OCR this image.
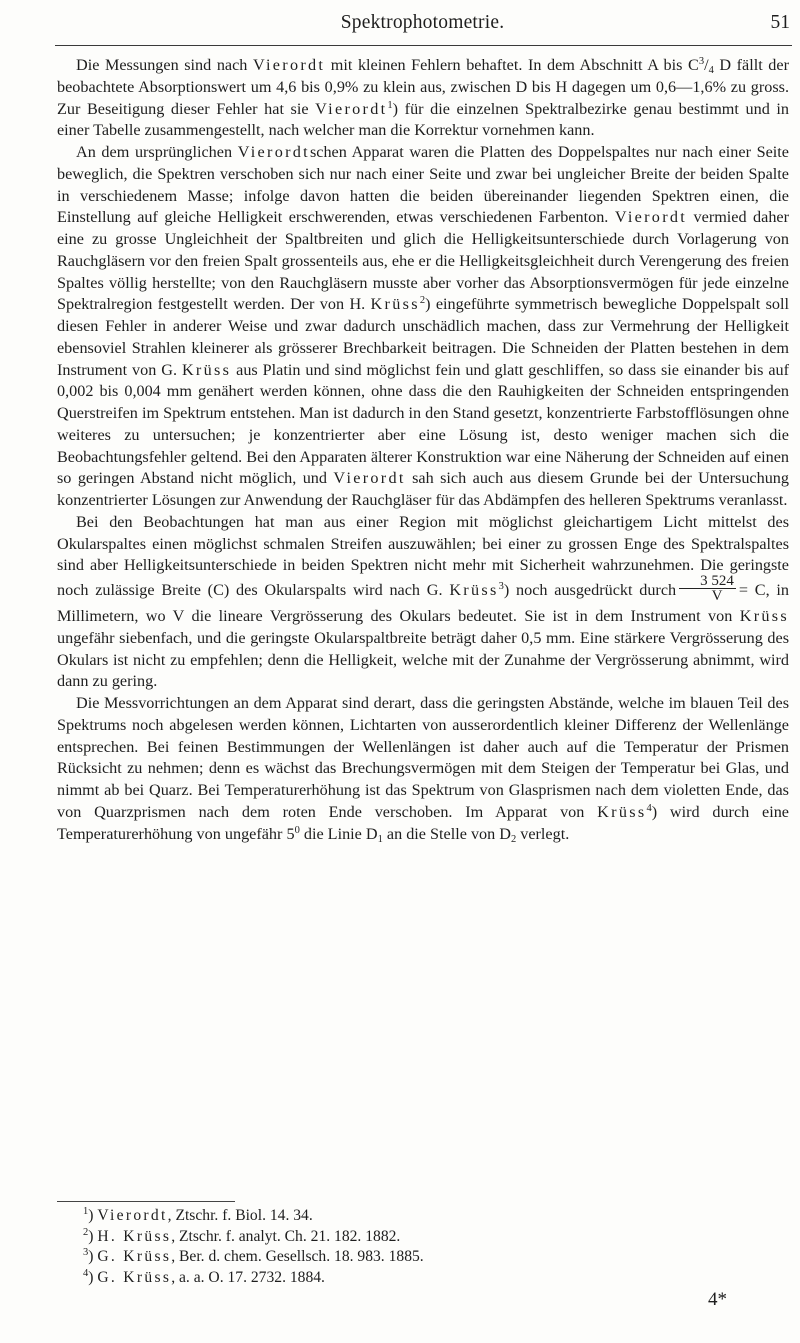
Spektrophotometrie.	51

Die Messungen sind nach Vierordt mit kleinen Fehlern behaftet. In dem Abschnitt A bis $C^3/_4$ D fällt der beobachtete Absorptionswert um 4,6 bis 0,9% zu klein aus, zwischen D bis H dagegen um 0,6—1,6% zu gross. Zur Beseitigung dieser Fehler hat sie Vierordt$^1$) für die einzelnen Spektralbezirke genau bestimmt und in einer Tabelle zusammengestellt, nach welcher man die Korrektur vornehmen kann.

An dem ursprünglichen Vierordtschen Apparat waren die Platten des Doppelspaltes nur nach einer Seite beweglich, die Spektren verschoben sich nur nach einer Seite und zwar bei ungleicher Breite der beiden Spalte in verschiedenem Masse; infolge davon hatten die beiden übereinander liegenden Spektren einen, die Einstellung auf gleiche Helligkeit erschwerenden, etwas verschiedenen Farbenton. Vierordt vermied daher eine zu grosse Ungleichheit der Spaltbreiten und glich die Helligkeitsunterschiede durch Vorlagerung von Rauchgläsern vor den freien Spalt grossenteils aus, ehe er die Helligkeitsgleichheit durch Verengerung des freien Spaltes völlig herstellte; von den Rauchgläsern musste aber vorher das Absorptionsvermögen für jede einzelne Spektralregion festgestellt werden. Der von H. Krüss$^2$) eingeführte symmetrisch bewegliche Doppelspalt soll diesen Fehler in anderer Weise und zwar dadurch unschädlich machen, dass zur Vermehrung der Helligkeit ebensoviel Strahlen kleinerer als grösserer Brechbarkeit beitragen. Die Schneiden der Platten bestehen in dem Instrument von G. Krüss aus Platin und sind möglichst fein und glatt geschliffen, so dass sie einander bis auf 0,002 bis 0,004 mm genähert werden können, ohne dass die den Rauhigkeiten der Schneiden entspringenden Querstreifen im Spektrum entstehen. Man ist dadurch in den Stand gesetzt, konzentrierte Farbstofflösungen ohne weiteres zu untersuchen; je konzentrierter aber eine Lösung ist, desto weniger machen sich die Beobachtungsfehler geltend. Bei den Apparaten älterer Konstruktion war eine Näherung der Schneiden auf einen so geringen Abstand nicht möglich, und Vierordt sah sich auch aus diesem Grunde bei der Untersuchung konzentrierter Lösungen zur Anwendung der Rauchgläser für das Abdämpfen des helleren Spektrums veranlasst.

Bei den Beobachtungen hat man aus einer Region mit möglichst gleichartigem Licht mittelst des Okularspaltes einen möglichst schmalen Streifen auszuwählen; bei einer zu grossen Enge des Spektralspaltes sind aber Helligkeitsunterschiede in beiden Spektren nicht mehr mit Sicherheit wahrzunehmen. Die geringste noch zulässige Breite (C) des Okularspalts wird nach G. Krüss$^3$) noch ausgedrückt durch $\frac{3 524}{V} = C$, in Millimetern, wo V die lineare Vergrösserung des Okulars bedeutet. Sie ist in dem Instrument von Krüss ungefähr siebenfach, und die geringste Okularspaltbreite beträgt daher 0,5 mm. Eine stärkere Vergrösserung des Okulars ist nicht zu empfehlen; denn die Helligkeit, welche mit der Zunahme der Vergrösserung abnimmt, wird dann zu gering.

Die Messvorrichtungen an dem Apparat sind derart, dass die geringsten Abstände, welche im blauen Teil des Spektrums noch abgelesen werden können, Lichtarten von ausserordentlich kleiner Differenz der Wellenlänge entsprechen. Bei feinen Bestimmungen der Wellenlängen ist daher auch auf die Temperatur der Prismen Rücksicht zu nehmen; denn es wächst das Brechungsvermögen mit dem Steigen der Temperatur bei Glas, und nimmt ab bei Quarz. Bei Temperaturerhöhung ist das Spektrum von Glasprismen nach dem violetten Ende, das von Quarzprismen nach dem roten Ende verschoben. Im Apparat von Krüss$^4$) wird durch eine Temperaturerhöhung von ungefähr $5^0$ die Linie $D_1$ an die Stelle von $D_2$ verlegt.

$^1$) Vierordt, Ztschr. f. Biol. 14. 34.
$^2$) H. Krüss, Ztschr. f. analyt. Ch. 21. 182. 1882.
$^3$) G. Krüss, Ber. d. chem. Gesellsch. 18. 983. 1885.
$^4$) G. Krüss, a. a. O. 17. 2732. 1884.
4*
